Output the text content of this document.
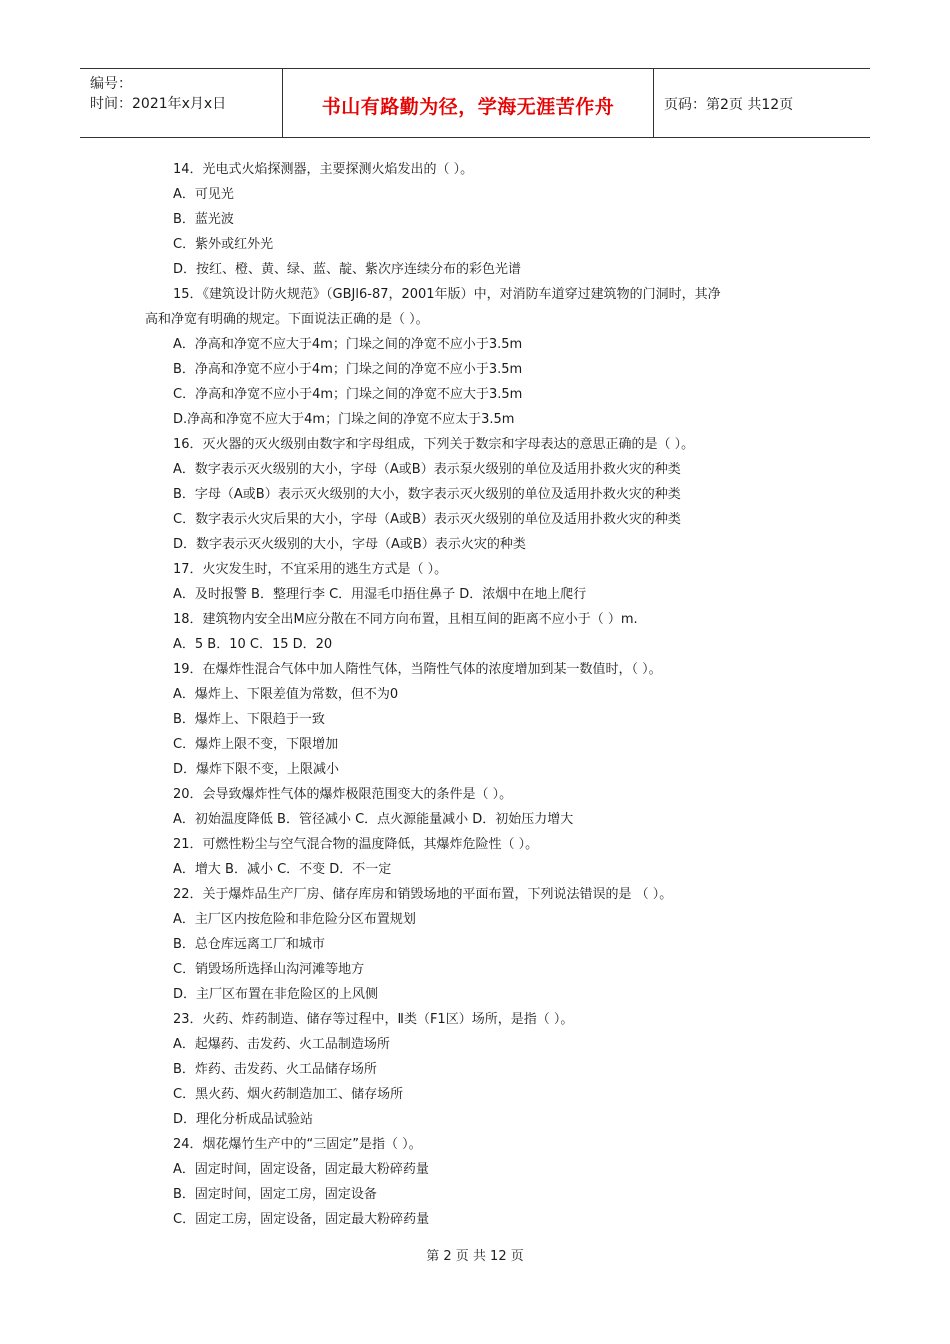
编号：
时间：2021年x月x日	书山有路勤为径，学海无涯苦作舟	页码：第2页 共12页
14．光电式火焰探测器，主要探测火焰发出的（ ）。
A．可见光
B．蓝光波
C．紫外或红外光
D．按红、橙、黄、绿、蓝、靛、紫次序连续分布的彩色光谱
15．《建筑设计防火规范》（GBJl6-87，2001年版）中，对消防车道穿过建筑物的门洞时，其净
高和净宽有明确的规定。下面说法正确的是（ ）。
A．净高和净宽不应大于4m；门垛之间的净宽不应小于3.5m
B．净高和净宽不应小于4m；门垛之间的净宽不应小于3.5m
C．净高和净宽不应小于4m；门垛之间的净宽不应大于3.5m
D.净高和净宽不应大于4m；门垛之间的净宽不应太于3.5m
16．灭火器的灭火级别由数字和字母组成，下列关于数宗和字母表达的意思正确的是（ ）。
A．数字表示灭火级别的大小，字母（A或B）表示泵火级别的单位及适用扑救火灾的种类
B．字母（A或B）表示灭火级别的大小，数字表示灭火级别的单位及适用扑救火灾的种类
C．数字表示火灾后果的大小，字母（A或B）表示灭火级别的单位及适用扑救火灾的种类
D．数字表示灭火级别的大小，字母（A或B）表示火灾的种类
17．火灾发生时，不宜采用的逃生方式是（ ）。
A．及时报警 B．整理行李 C．用湿毛巾捂住鼻子 D．浓烟中在地上爬行
18．建筑物内安全出M应分散在不同方向布置，且相互间的距离不应小于（ ）m.
A．5 B．10 C．15 D．20
19．在爆炸性混合气体中加人隋性气体，当隋性气体的浓度增加到某一数值时，（ ）。
A．爆炸上、下限差值为常数，但不为0
B．爆炸上、下限趋于一致
C．爆炸上限不变，下限增加
D．爆炸下限不变，上限减小
20．会导致爆炸性气体的爆炸极限范围变大的条件是（ ）。
A．初始温度降低 B．管径减小 C．点火源能量减小 D．初始压力增大
21．可燃性粉尘与空气混合物的温度降低，其爆炸危险性（ ）。
A．增大 B．减小 C．不变 D．不一定
22．关于爆炸品生产厂房、储存库房和销毁场地的平面布置，下列说法错误的是 （ ）。
A．主厂区内按危险和非危险分区布置规划
B．总仓库远离工厂和城市
C．销毁场所选择山沟河滩等地方
D．主厂区布置在非危险区的上风侧
23．火药、炸药制造、储存等过程中，Ⅱ类（F1区）场所，是指（ ）。
A．起爆药、击发药、火工品制造场所
B．炸药、击发药、火工品储存场所
C．黑火药、烟火药制造加工、储存场所
D．理化分析成品试验站
24．烟花爆竹生产中的“三固定”是指（ ）。
A．固定时间，固定设备，固定最大粉碎药量
B．固定时间，固定工房，固定设备
C．固定工房，固定设备，固定最大粉碎药量
第 2 页 共 12 页
